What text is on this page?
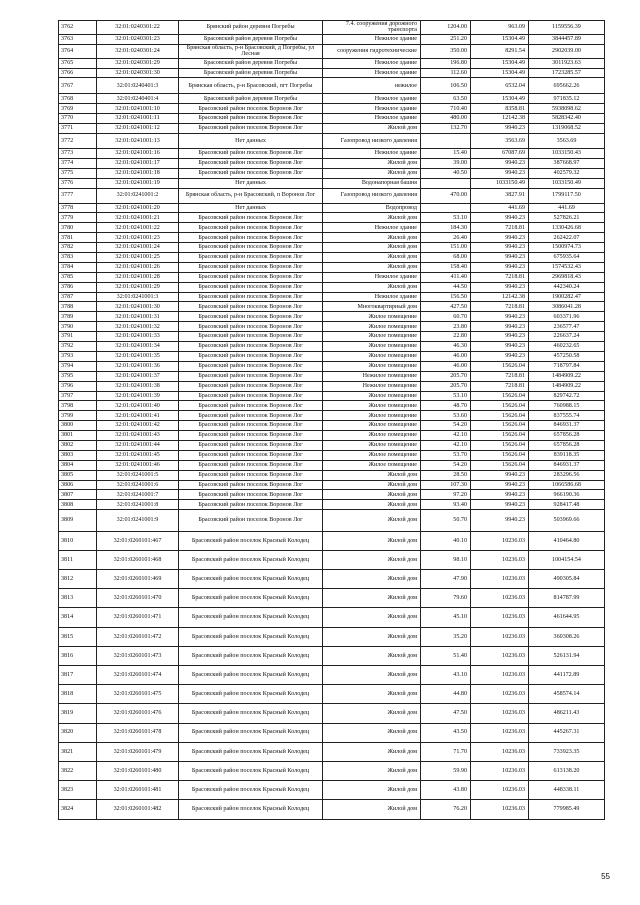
3762	32:01:0240301:22	Брянский район деревня Погребы	7.4. сооружения дорожного транспорта	1204.00	963.09	1159556.39
3763	32:01:0240301:23	Брасовский район деревня Погребы	Нежилое здание	251.20	15304.49	3844457.89
3764	32:01:0240301:24	Брянская область, р-н Брасовский, д Погребы, ул Лесная	сооружения гидротехнические	350.00	8291.54	2902039.00
3765	32:01:0240301:29	Брасовский район деревня Погребы	Нежилое здание	196.80	15304.49	3011923.63
3766	32:01:0240301:30	Брасовский район деревня Погребы	Нежилое здание	112.60	15304.49	1723285.57
3767	32:01:0240401:3	Брянская область, р-н Брасовский, пгт Погребы	нежилое	106.50	6532.04	695662.26
3768	32:01:0240401:4	Брасовский район деревня Погребы	Нежилое здание	63.50	15304.49	971835.12
3769	32:01:0241001:10	Брасовский район поселок Воронов Лог	Нежилое здание	710.40	8358.81	5938098.62
3770	32:01:0241001:11	Брасовский район поселок Воронов Лог	Нежилое здание	480.00	12142.38	5828342.40
3771	32:01:0241001:12	Брасовский район поселок Воронов Лог	Жилой дом	132.70	9940.23	1319068.52
3772	32:01:0241001:13	Нет данных	Газопровод низкого давления		3563.69	3563.69
3773	32:01:0241001:16	Брасовский район поселок Воронов Лог	Нежилое здание	15.40	67087.69	1033150.43
3774	32:01:0241001:17	Брасовский район поселок Воронов Лог	Жилой дом	39.00	9940.23	387668.97
3775	32:01:0241001:18	Брасовский район поселок Воронов Лог	Жилой дом	40.50	9940.23	402579.32
3776	32:01:0241001:19	Нет данных	Водонапорная башня		1033150.49	1033150.49
3777	32:01:0241001:2	Брянская область, р-н Брасовский, п Воронов Лог	Газопровод низкого давления	470.00	3827.91	1799117.50
3778	32:01:0241001:20	Нет данных	Водопровод		441.69	441.69
3779	32:01:0241001:21	Брасовский район поселок Воронов Лог	Жилой дом	53.10	9940.23	527826.21
3780	32:01:0241001:22	Брасовский район поселок Воронов Лог	Нежилое здание	184.30	7218.81	1330426.68
3781	32:01:0241001:23	Брасовский район поселок Воронов Лог	Жилой дом	26.40	9940.23	262422.07
3782	32:01:0241001:24	Брасовский район поселок Воронов Лог	Жилой дом	151.00	9940.23	1500974.73
3783	32:01:0241001:25	Брасовский район поселок Воронов Лог	Жилой дом	68.00	9940.23	675935.64
3784	32:01:0241001:26	Брасовский район поселок Воронов Лог	Жилой дом	158.40	9940.23	1574532.43
3785	32:01:0241001:28	Брасовский район поселок Воронов Лог	Нежилое здание	411.40	7218.81	2969818.43
3786	32:01:0241001:29	Брасовский район поселок Воронов Лог	Жилой дом	44.50	9940.23	442340.24
3787	32:01:0241001:3	Брасовский район поселок Воронов Лог	Нежилое здание	156.50	12142.38	1900282.47
3788	32:01:0241001:30	Брасовский район поселок Воронов Лог	Многоквартирный дом	427.50	7218.81	3086041.28
3789	32:01:0241001:31	Брасовский район поселок Воронов Лог	Жилое помещение	60.70	9940.23	603371.96
3790	32:01:0241001:32	Брасовский район поселок Воронов Лог	Жилое помещение	23.80	9940.23	236577.47
3791	32:01:0241001:33	Брасовский район поселок Воронов Лог	Жилое помещение	22.80	9940.23	226637.24
3792	32:01:0241001:34	Брасовский район поселок Воронов Лог	Жилое помещение	46.30	9940.23	460232.65
3793	32:01:0241001:35	Брасовский район поселок Воронов Лог	Жилое помещение	46.00	9940.23	457250.58
3794	32:01:0241001:36	Брасовский район поселок Воронов Лог	Жилое помещение	46.00	15626.04	718797.84
3795	32:01:0241001:37	Брасовский район поселок Воронов Лог	Нежилое помещение	205.70	7218.81	1484909.22
3796	32:01:0241001:38	Брасовский район поселок Воронов Лог	Нежилое помещение	205.70	7218.81	1484909.22
3797	32:01:0241001:39	Брасовский район поселок Воронов Лог	Жилое помещение	53.10	15626.04	829742.72
3798	32:01:0241001:40	Брасовский район поселок Воронов Лог	Жилое помещение	48.70	15626.04	760988.15
3799	32:01:0241001:41	Брасовский район поселок Воронов Лог	Жилое помещение	53.60	15626.04	837555.74
3800	32:01:0241001:42	Брасовский район поселок Воронов Лог	Жилое помещение	54.20	15626.04	846931.37
3801	32:01:0241001:43	Брасовский район поселок Воронов Лог	Жилое помещение	42.10	15626.04	657856.28
3802	32:01:0241001:44	Брасовский район поселок Воронов Лог	Жилое помещение	42.10	15626.04	657856.28
3803	32:01:0241001:45	Брасовский район поселок Воронов Лог	Жилое помещение	53.70	15626.04	839118.35
3804	32:01:0241001:46	Брасовский район поселок Воронов Лог	Жилое помещение	54.20	15626.04	846931.37
3805	32:01:0241001:5	Брасовский район поселок Воронов Лог	Жилой дом	28.50	9940.23	283296.56
3806	32:01:0241001:6	Брасовский район поселок Воронов Лог	Жилой дом	107.30	9940.23	1066586.68
3807	32:01:0241001:7	Брасовский район поселок Воронов Лог	Жилой дом	97.20	9940.23	966190.36
3808	32:01:0241001:8	Брасовский район поселок Воронов Лог	Жилой дом	93.40	9940.23	928417.48
3809	32:01:0241001:9	Брасовский район поселок Воронов Лог	Жилой дом	50.70	9940.23	503969.66
3810	32:01:0260101:467	Брасовский район поселок Красный Колодец	Жилой дом	40.10	10236.03	410464.80
3811	32:01:0260101:468	Брасовский район поселок Красный Колодец	Жилой дом	98.10	10236.03	1004154.54
3812	32:01:0260101:469	Брасовский район поселок Красный Колодец	Жилой дом	47.90	10236.03	490305.84
3813	32:01:0260101:470	Брасовский район поселок Красный Колодец	Жилой дом	79.60	10236.03	814787.99
3814	32:01:0260101:471	Брасовский район поселок Красный Колодец	Жилой дом	45.10	10236.03	461644.95
3815	32:01:0260101:472	Брасовский район поселок Красный Колодец	Жилой дом	35.20	10236.03	360308.26
3816	32:01:0260101:473	Брасовский район поселок Красный Колодец	Жилой дом	51.40	10236.03	526131.94
3817	32:01:0260101:474	Брасовский район поселок Красный Колодец	Жилой дом	43.10	10236.03	441172.89
3818	32:01:0260101:475	Брасовский район поселок Красный Колодец	Жилой дом	44.80	10236.03	458574.14
3819	32:01:0260101:476	Брасовский район поселок Красный Колодец	Жилой дом	47.50	10236.03	486211.43
3820	32:01:0260101:478	Брасовский район поселок Красный Колодец	Жилой дом	43.50	10236.03	445267.31
3821	32:01:0260101:479	Брасовский район поселок Красный Колодец	Жилой дом	71.70	10236.03	733923.35
3822	32:01:0260101:480	Брасовский район поселок Красный Колодец	Жилой дом	59.90	10236.03	613138.20
3823	32:01:0260101:481	Брасовский район поселок Красный Колодец	Жилой дом	43.80	10236.03	448338.11
3824	32:01:0260101:482	Брасовский район поселок Красный Колодец	Жилой дом	76.20	10236.03	779985.49
55
